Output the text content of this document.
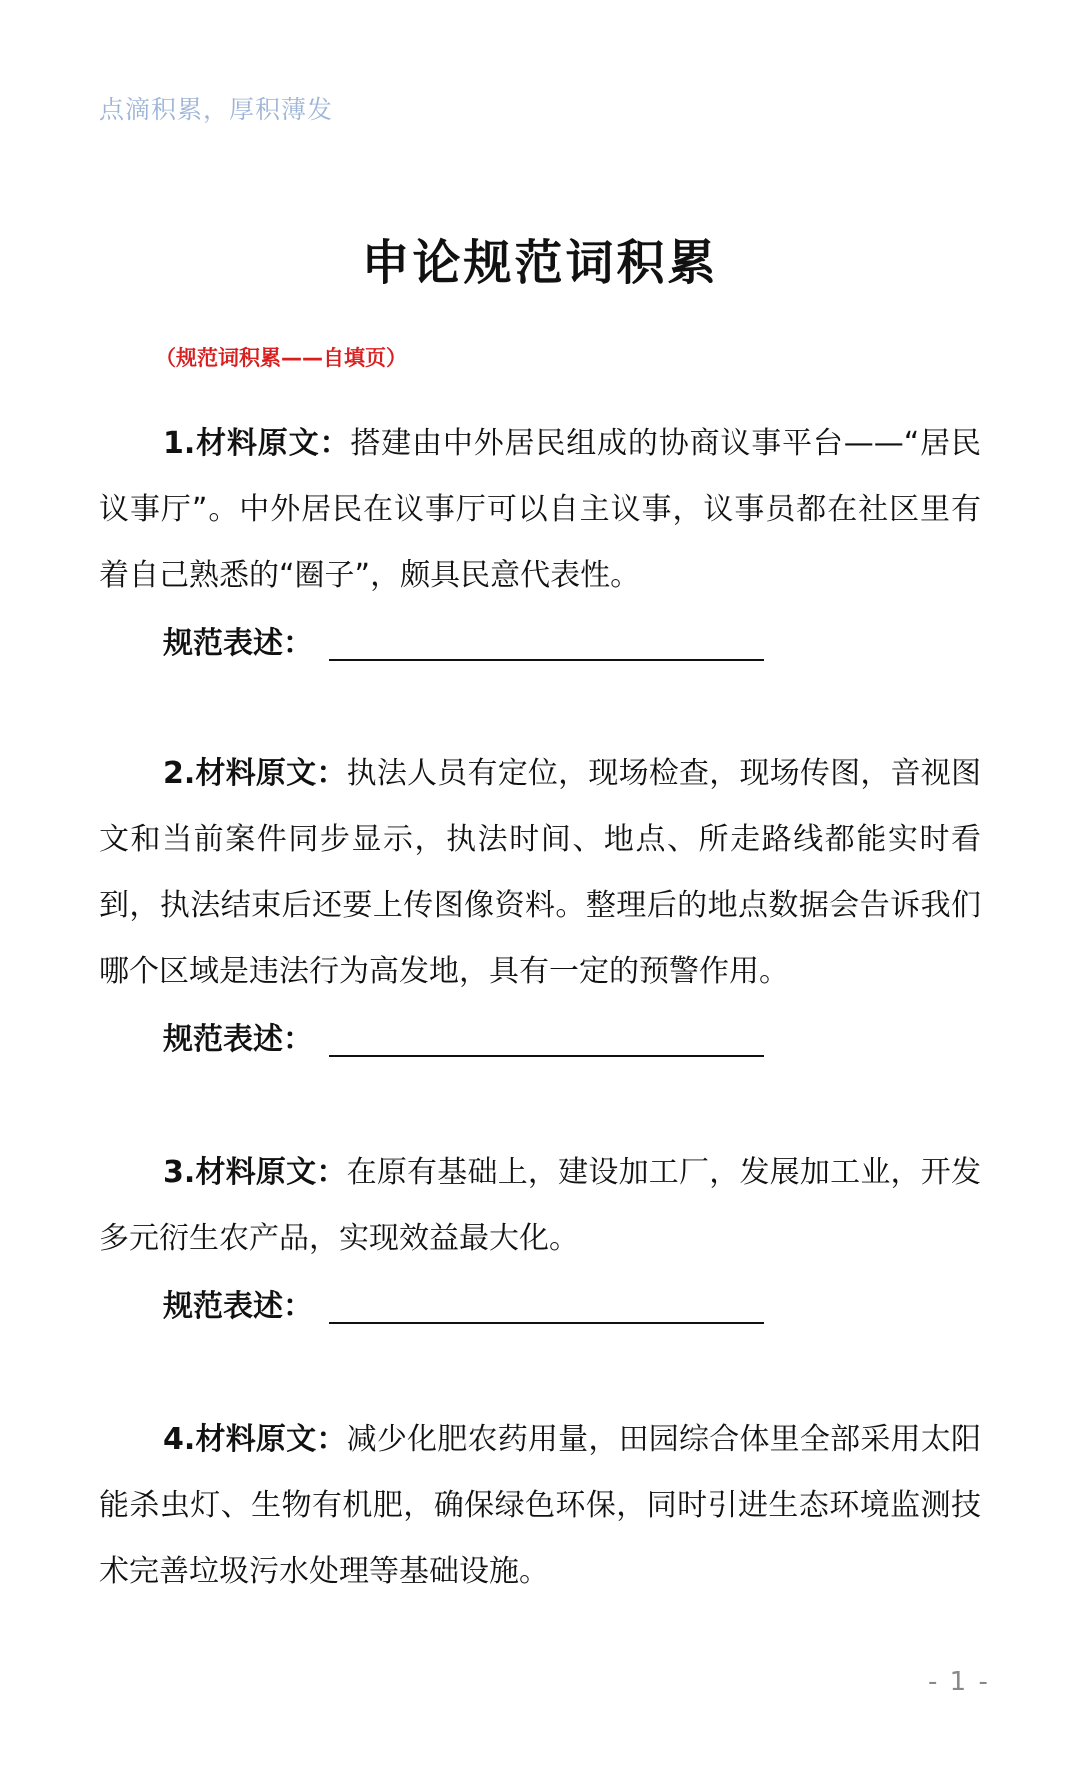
点滴积累，厚积薄发
申论规范词积累
（规范词积累——自填页）

1.材料原文：搭建由中外居民组成的协商议事平台——“居民议事厅”。中外居民在议事厅可以自主议事，议事员都在社区里有着自己熟悉的“圈子”，颇具民意代表性。

规范表述：

2.材料原文：执法人员有定位，现场检查，现场传图，音视图文和当前案件同步显示，执法时间、地点、所走路线都能实时看到，执法结束后还要上传图像资料。整理后的地点数据会告诉我们哪个区域是违法行为高发地，具有一定的预警作用。

规范表述：

3.材料原文：在原有基础上，建设加工厂，发展加工业，开发多元衍生农产品，实现效益最大化。

规范表述：

4.材料原文：减少化肥农药用量，田园综合体里全部采用太阳能杀虫灯、生物有机肥，确保绿色环保，同时引进生态环境监测技术完善垃圾污水处理等基础设施。

- 1 -
